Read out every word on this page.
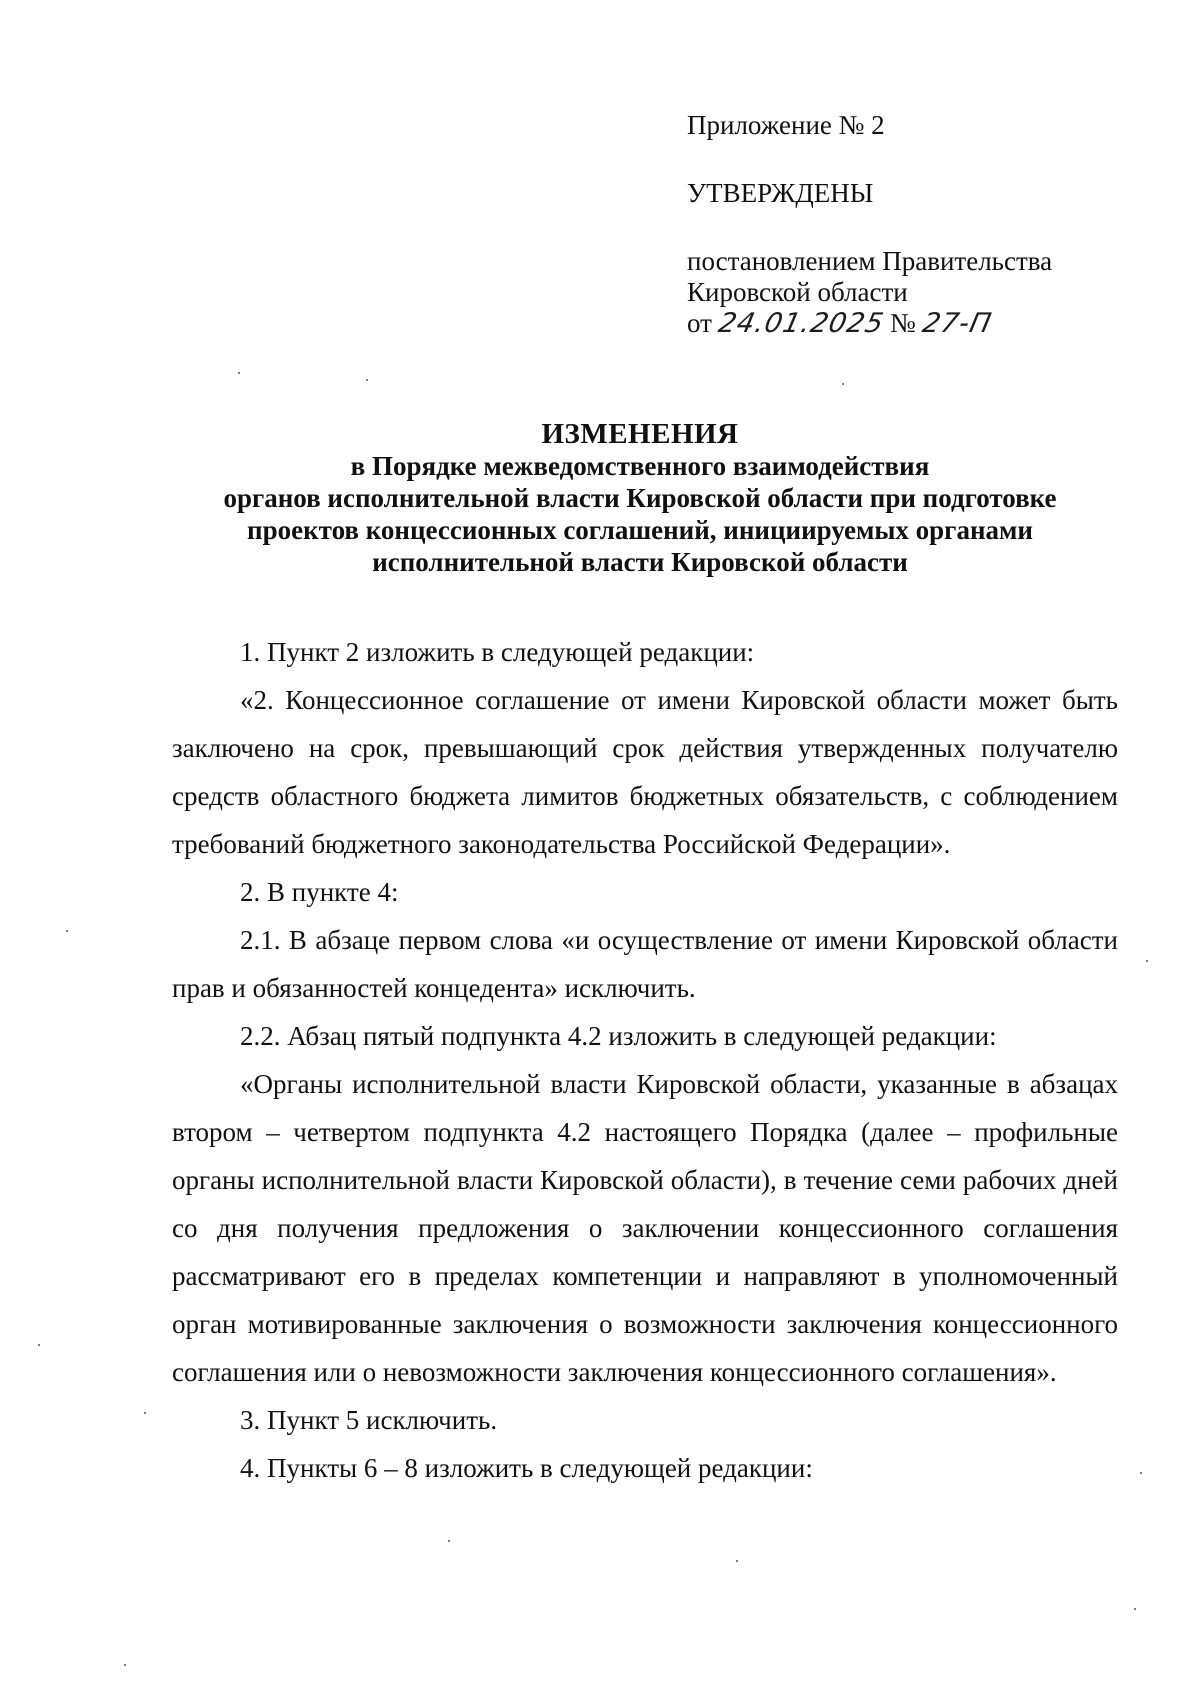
Приложение № 2
УТВЕРЖДЕНЫ
постановлением Правительства
Кировской области
от 24.01.2025 № 27-П
ИЗМЕНЕНИЯ
в Порядке межведомственного взаимодействия
органов исполнительной власти Кировской области при подготовке
проектов концессионных соглашений, инициируемых органами
исполнительной власти Кировской области

1. Пункт 2 изложить в следующей редакции:

«2. Концессионное соглашение от имени Кировской области может быть заключено на срок, превышающий срок действия утвержденных получателю средств областного бюджета лимитов бюджетных обязательств, с соблюдением требований бюджетного законодательства Российской Федерации».

2. В пункте 4:

2.1. В абзаце первом слова «и осуществление от имени Кировской области прав и обязанностей концедента» исключить.

2.2. Абзац пятый подпункта 4.2 изложить в следующей редакции:

«Органы исполнительной власти Кировской области, указанные в абзацах втором – четвертом подпункта 4.2 настоящего Порядка (далее – профильные органы исполнительной власти Кировской области), в течение семи рабочих дней со дня получения предложения о заключении концессионного соглашения рассматривают его в пределах компетенции и направляют в уполномоченный орган мотивированные заключения о возможности заключения концессионного соглашения или о невозможности заключения концессионного соглашения».

3. Пункт 5 исключить.

4. Пункты 6 – 8 изложить в следующей редакции:
